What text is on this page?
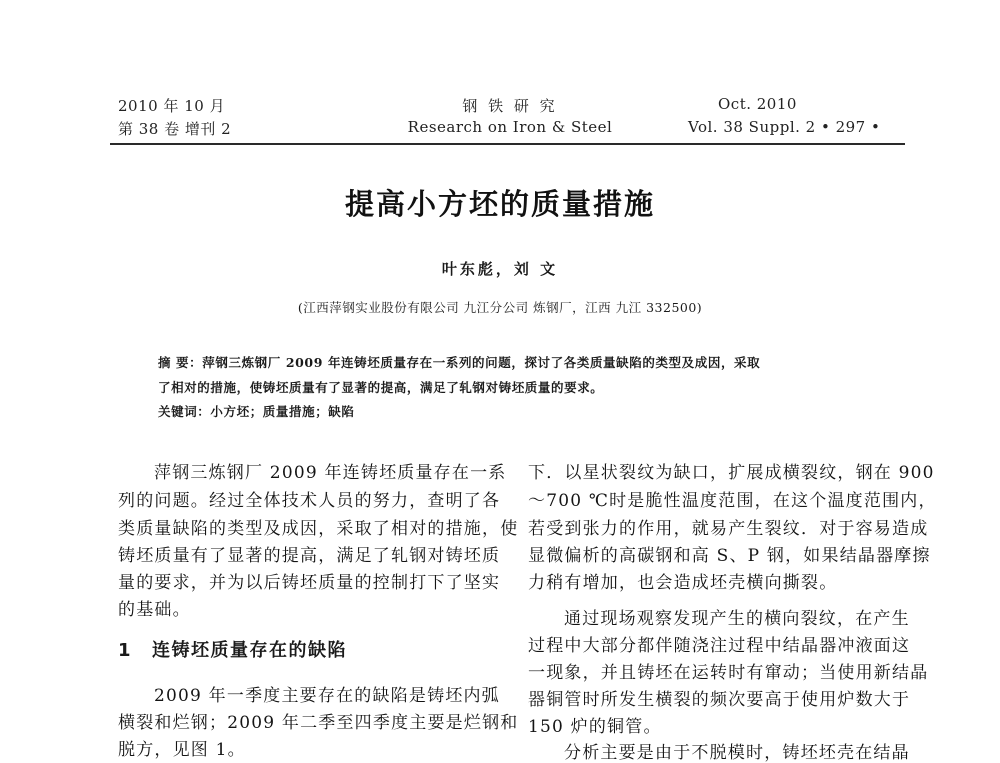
2010 年 10 月
第 38 卷 增刊 2
钢 铁 研 究
Research on Iron & Steel
Oct. 2010
Vol. 38 Suppl. 2 • 297 •
提高小方坯的质量措施
叶东彪，刘 文
(江西萍钢实业股份有限公司 九江分公司 炼钢厂，江西 九江 332500)
摘 要：萍钢三炼钢厂 2009 年连铸坯质量存在一系列的问题，探讨了各类质量缺陷的类型及成因，采取
了相对的措施，使铸坯质量有了显著的提高，满足了轧钢对铸坯质量的要求。
关键词：小方坯；质量措施；缺陷
萍钢三炼钢厂 2009 年连铸坯质量存在一系
列的问题。经过全体技术人员的努力，查明了各
类质量缺陷的类型及成因，采取了相对的措施，使
铸坯质量有了显著的提高，满足了轧钢对铸坯质
量的要求，并为以后铸坯质量的控制打下了坚实
的基础。
1 连铸坯质量存在的缺陷
2009 年一季度主要存在的缺陷是铸坯内弧
横裂和烂钢；2009 年二季至四季度主要是烂钢和
脱方，见图 1。
下．以星状裂纹为缺口，扩展成横裂纹，钢在 900
～700 ℃时是脆性温度范围，在这个温度范围内，
若受到张力的作用，就易产生裂纹．对于容易造成
显微偏析的高碳钢和高 S、P 钢，如果结晶器摩擦
力稍有增加，也会造成坯壳横向撕裂。
通过现场观察发现产生的横向裂纹，在产生
过程中大部分都伴随浇注过程中结晶器冲液面这
一现象，并且铸坯在运转时有窜动；当使用新结晶
器铜管时所发生横裂的频次要高于使用炉数大于
150 炉的铜管。
分析主要是由于不脱模时，铸坯坯壳在结晶
